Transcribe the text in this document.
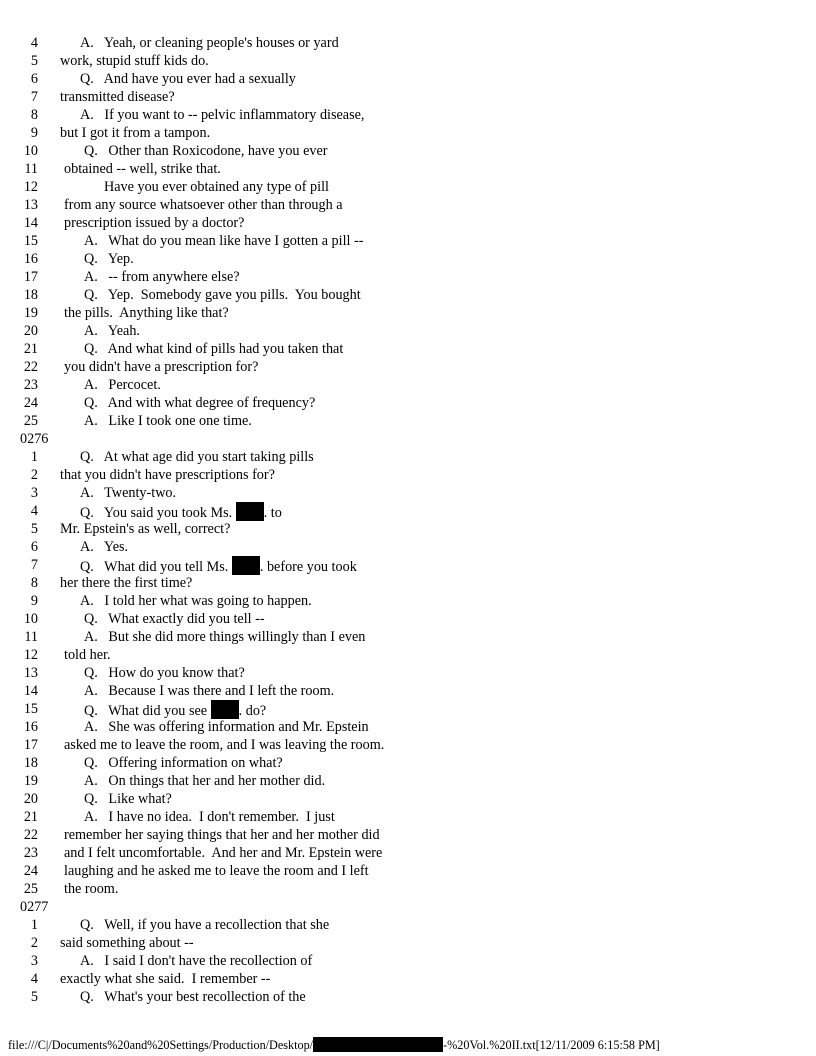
4	A.   Yeah, or cleaning people's houses or yard
5 work, stupid stuff kids do.
6	Q.   And have you ever had a sexually
7 transmitted disease?
8	A.   If you want to -- pelvic inflammatory disease,
9 but I got it from a tampon.
10	Q.   Other than Roxicodone, have you ever
11 obtained -- well, strike that.
12	Have you ever obtained any type of pill
13 from any source whatsoever other than through a
14 prescription issued by a doctor?
15	A.   What do you mean like have I gotten a pill --
16	Q.   Yep.
17	A.   -- from anywhere else?
18	Q.   Yep.  Somebody gave you pills.  You bought
19 the pills.  Anything like that?
20	A.   Yeah.
21	Q.   And what kind of pills had you taken that
22 you didn't have a prescription for?
23	A.   Percocet.
24	Q.   And with what degree of frequency?
25	A.   Like I took one one time.
0276
1	Q.   At what age did you start taking pills
2 that you didn't have prescriptions for?
3	A.   Twenty-two.
4	Q.   You said you took Ms. . to
5 Mr. Epstein's as well, correct?
6	A.   Yes.
7	Q.   What did you tell Ms. . before you took
8 her there the first time?
9	A.   I told her what was going to happen.
10	Q.   What exactly did you tell --
11	A.   But she did more things willingly than I even
12 told her.
13	Q.   How do you know that?
14	A.   Because I was there and I left the room.
15	Q.   What did you see . do?
16	A.   She was offering information and Mr. Epstein
17 asked me to leave the room, and I was leaving the room.
18	Q.   Offering information on what?
19	A.   On things that her and her mother did.
20	Q.   Like what?
21	A.   I have no idea.  I don't remember.  I just
22 remember her saying things that her and her mother did
23 and I felt uncomfortable.  And her and Mr. Epstein were
24 laughing and he asked me to leave the room and I left
25 the room.
0277
1	Q.   Well, if you have a recollection that she
2 said something about --
3	A.   I said I don't have the recollection of
4 exactly what she said.  I remember --
5	Q.   What's your best recollection of the
file:///C|/Documents%20and%20Settings/Production/Desktop/	-%20Vol.%20II.txt[12/11/2009 6:15:58 PM]
